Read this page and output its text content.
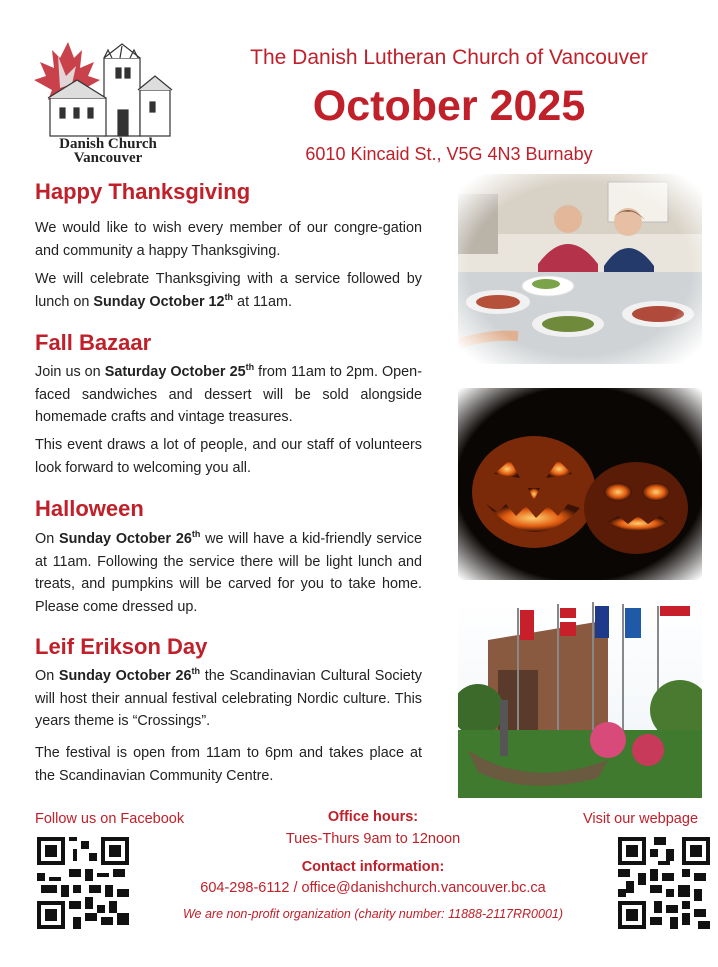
Danish Church
Vancouver
The Danish Lutheran Church of Vancouver
October 2025
6010 Kincaid St., V5G 4N3 Burnaby
Happy Thanksgiving
We would like to wish every member of our congre-gation and community a happy Thanksgiving.
We will celebrate Thanksgiving with a service followed by lunch on Sunday October 12th at 11am.
Fall Bazaar
Join us on Saturday October 25th from 11am to 2pm. Open-faced sandwiches and dessert will be sold alongside homemade crafts and vintage treasures.
This event draws a lot of people, and our staff of volunteers look forward to welcoming you all.
Halloween
On Sunday October 26th we will have a kid-friendly service at 11am. Following the service there will be light lunch and treats, and pumpkins will be carved for you to take home. Please come dressed up.
Leif Erikson Day
On Sunday October 26th the Scandinavian Cultural Society will host their annual festival celebrating Nordic culture. This years theme is “Crossings”.
The festival is open from 11am to 6pm and takes place at the Scandinavian Community Centre.
Follow us on Facebook	Visit our webpage
Office hours:
Tues-Thurs 9am to 12noon
Contact information:
604-298-6112 / office@danishchurch.vancouver.bc.ca
We are non-profit organization (charity number: 11888-2117RR0001)
